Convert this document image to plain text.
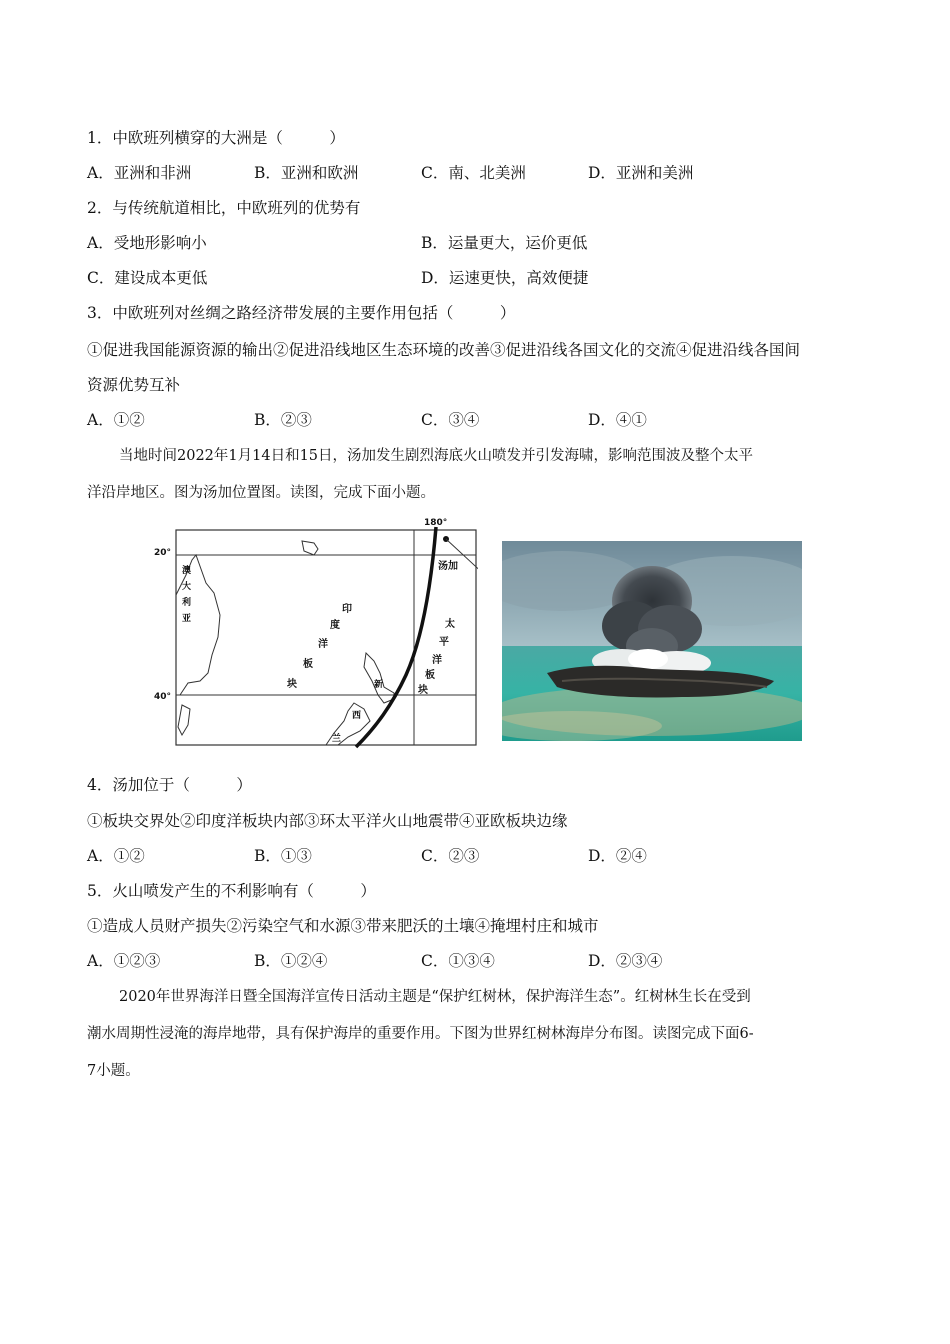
1．中欧班列横穿的大洲是（　　　）
A．亚洲和非洲	B．亚洲和欧洲	C．南、北美洲	D．亚洲和美洲
2．与传统航道相比，中欧班列的优势有
A．受地形影响小	B．运量更大，运价更低
C．建设成本更低	D．运速更快，高效便捷
3．中欧班列对丝绸之路经济带发展的主要作用包括（　　　）
①促进我国能源资源的输出②促进沿线地区生态环境的改善③促进沿线各国文化的交流④促进沿线各国间
资源优势互补
A．①②	B．②③	C．③④	D．④①
当地时间2022年1月14日和15日，汤加发生剧烈海底火山喷发并引发海啸，影响范围波及整个太平
洋沿岸地区。图为汤加位置图。读图，完成下面小题。
180°
20°
40°
汤加
澳
大
利
亚
印
度
洋
板
块
太
平
洋
板
块
新
西
兰
4．汤加位于（　　　）
①板块交界处②印度洋板块内部③环太平洋火山地震带④亚欧板块边缘
A．①②	B．①③	C．②③	D．②④
5．火山喷发产生的不利影响有（　　　）
①造成人员财产损失②污染空气和水源③带来肥沃的土壤④掩埋村庄和城市
A．①②③	B．①②④	C．①③④	D．②③④
2020年世界海洋日暨全国海洋宣传日活动主题是“保护红树林，保护海洋生态”。红树林生长在受到
潮水周期性浸淹的海岸地带，具有保护海岸的重要作用。下图为世界红树林海岸分布图。读图完成下面6-
7小题。
